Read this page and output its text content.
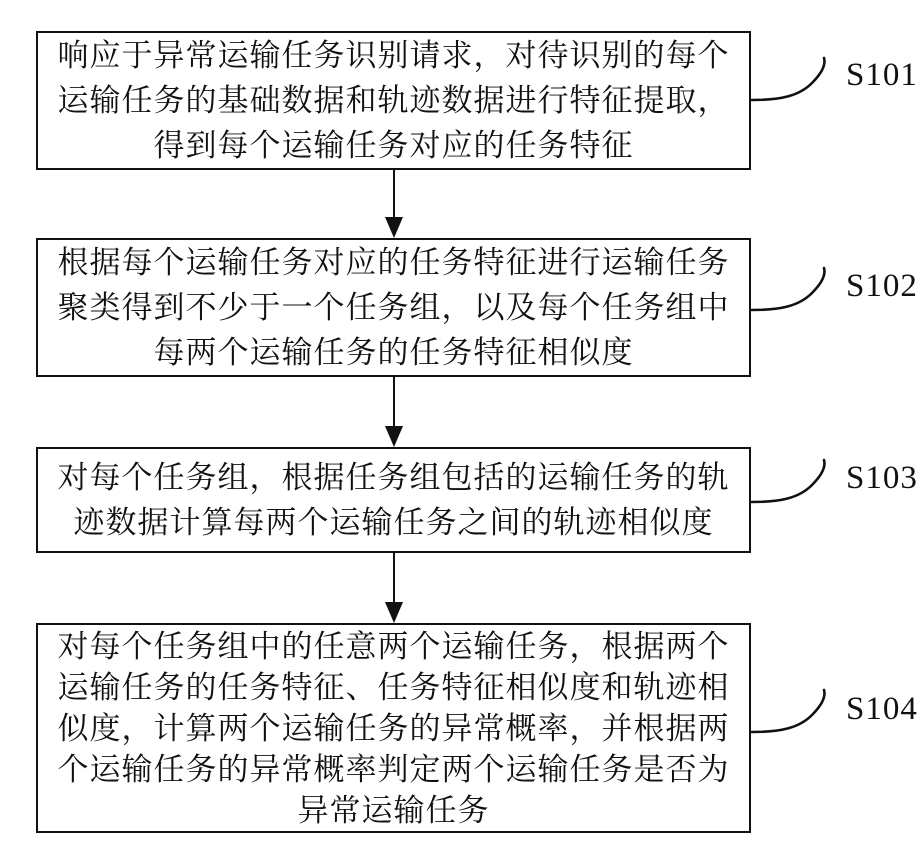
响应于异常运输任务识别请求，对待识别的每个
运输任务的基础数据和轨迹数据进行特征提取，
得到每个运输任务对应的任务特征
根据每个运输任务对应的任务特征进行运输任务
聚类得到不少于一个任务组，以及每个任务组中
每两个运输任务的任务特征相似度
对每个任务组，根据任务组包括的运输任务的轨
迹数据计算每两个运输任务之间的轨迹相似度
对每个任务组中的任意两个运输任务，根据两个
运输任务的任务特征、任务特征相似度和轨迹相
似度，计算两个运输任务的异常概率，并根据两
个运输任务的异常概率判定两个运输任务是否为
异常运输任务
S101
S102
S103
S104
